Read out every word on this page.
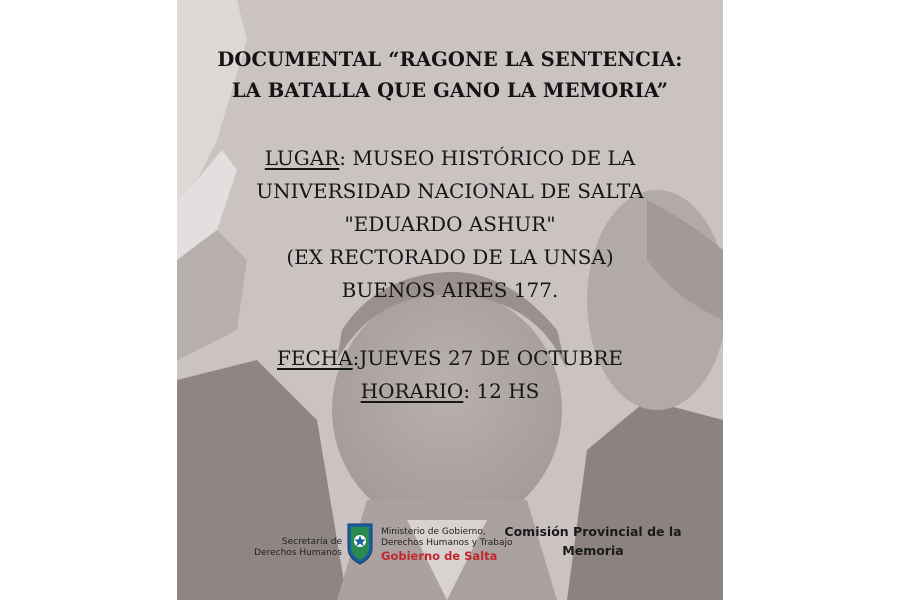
DOCUMENTAL “RAGONE LA SENTENCIA:
LA BATALLA QUE GANO LA MEMORIA”
LUGAR: MUSEO HISTÓRICO DE LA
UNIVERSIDAD NACIONAL DE SALTA
"EDUARDO ASHUR"
(EX RECTORADO DE LA UNSA)
BUENOS AIRES 177.
FECHA:JUEVES 27 DE OCTUBRE
HORARIO: 12 HS
Secretaría de
Derechos Humanos
Ministerio de Gobierno,
Derechos Humanos y Trabajo
Gobierno de Salta
Comisión Provincial de la
Memoria
